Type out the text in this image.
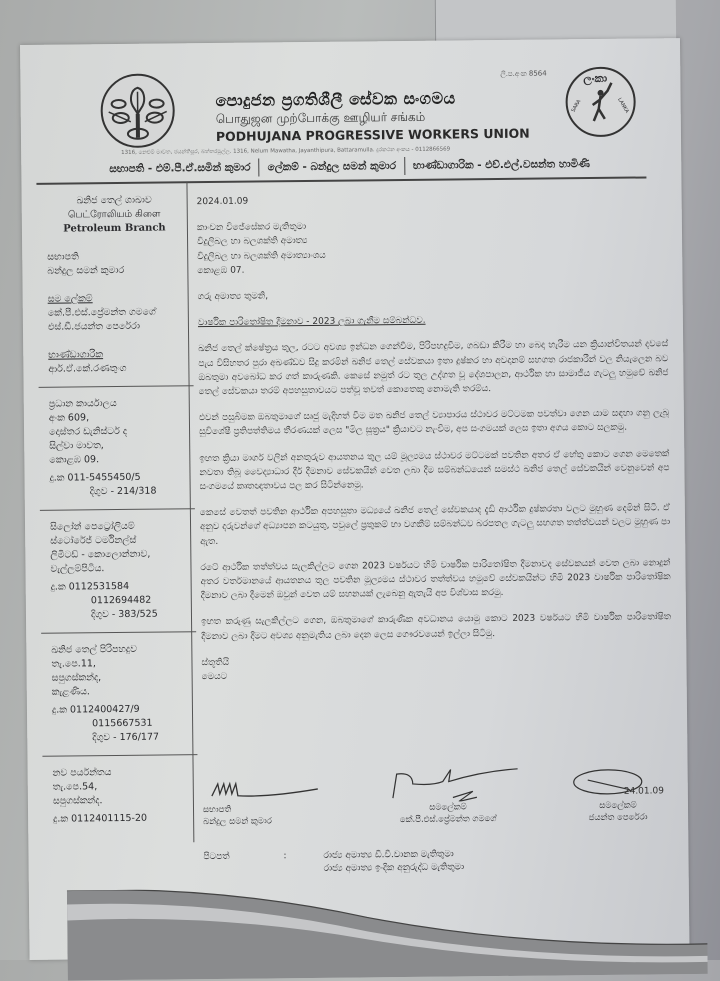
ලි.ප.අංක 8564
පොදුජන ප්‍රගතිශීලී සේවක සංගමය
பொதுஜன முற்போக்கு ஊழியர் சங்கம்
PODHUJANA PROGRESSIVE WORKERS UNION
ලංකා
SARA	LANKA
1316, නෙළුම් මාවත, ජයන්තිපුර, බත්තරමුල්ල. 1316, Nelum Mawatha, Jayanthipura, Battaramulla. දුරකථන අංකය - 0112866569
සභාපති - එම්.පී.ඒ.සමින් කුමාර ලේකම් - බන්දුල සමන් කුමාර භාණ්ඩාගාරික - එච්.එල්.වසන්ත හාමිණි
ඛනිජ තෙල් ශාඛාව
பெட்ரோலியம் கிளை
Petroleum Branch
සභාපති
බන්දුල සමන් කුමාර
සම ලේකම්
කේ.පී.එස්.ප්‍රේමන්ත ගමගේ
එස්.ඩී.ජයන්ත පෙරේරා
භාණ්ඩාගාරික
ආර්.ඒ.කේ.රණතුංග
ප්‍රධාන කාර්යාලය
අංක 609,
දොස්තර ඩැනිස්ටර් ද
සිල්වා මාවත,
කොළඹ 09.
දු.ක 011-5455450/5
දිගුව - 214/318
සිලෝන් පෙට්‍රෝලියම්
ස්ටෝරේජ් ටර්මිනල්ස්
ලිමිටඩ් - කොලොන්නාව,
වැල්ලම්පිටිය.
දු.ක 0112531584
0112694482
දිගුව - 383/525
ඛනිජ තෙල් පිරිපහදුව
තැ.පෙ.11,
සපුගස්කන්ද,
කැළණිය.
දු.ක 0112400427/9
0115667531
දිගුව - 176/177
නව පර්යන්තය
තැ.පෙ.54,
සපුගස්කන්ද.
දු.ක 0112401115-20
2024.01.09
කාංචන විජේසේකර මැතිතුමා
විදුලිබල හා බලශක්ති අමාත්‍ය
විදුලිබල හා බලශක්ති අමාත්‍යාංශය
කොළඹ 07.

ගරු අමාත්‍ය තුමනි,

වාර්ෂික පාරිතෝෂිත දීමනාව - 2023 ලබා ගැනීම සම්බන්ධව.

ඛනිජ තෙල් ක්ෂේත්‍රය තුල, රටට අවශ්‍ය ඉන්ධන ගෙන්වීම, පිරිපහදුවීම, ගබඩා කිරීම හා බෙදා හැරීම යන ක්‍රියාන්විතයන් දවසේ පැය විසිහතර පුරා අඛණ්ඩව සිදු කරමින් ඛනිජ තෙල් සේවකයා ඉතා දුෂ්කර හා අවදානම් සහගත රාජකාරීන් වල නියැලෙන බව ඔබතුමා අවබෝධ කර ගත් කාරුණකි. කෙසේ නමුත් රට තුල උද්ගත වූ දේශපාලන, ආර්ථික හා සාමාජීය ගැටලු හමුවේ ඛනිජ තෙල් සේවකයා තරම් අපහසුතාවයට පත්වූ තවත් කොතෙකු නොමැති තරම්ය.

එවන් පසුබිමක ඔබතුමාගේ සෘජු මැදිහත් වීම මත ඛනිජ තෙල් ව්‍යාපාරය ස්ථාවර මට්ටමක පවත්වා ගෙන යාම සඳහා ගනු ලැබූ සුවිශේෂී ප්‍රතිපත්තිමය තීරණයක් ලෙස "මිල සූත්‍රය" ක්‍රියාවට නැංවීම, අප සංගමයක් ලෙස ඉතා අගය කොට සලකමු.

ඉහත ක්‍රියා මාර්ග වලින් අනතුරුව ආයතනය තුල යම් මූල්‍යමය ස්ථාවර මට්ටමක් පවතින අතර ඒ හේතු කොට ගෙන මෙතෙක් නවතා තිබූ වෛද්‍යාධාර දීර් දීමනාව සේවකයින් වෙත ලබා දීම සම්බන්ධයෙන් සමස්ථ ඛනිජ තෙල් සේවකයින් වෙනුවෙන් අප සංගමයේ කෘතඥතාවය පල කර සිටින්නෙමු.

කෙසේ වෙතත් පවතින ආර්ථික අපහසුතා මධ්‍යයේ ඛනිජ තෙල් සේවකයාද දැඩි ආර්ථික දුෂ්කරතා වලට මුහුණ දෙමින් සිටී. ඒ අනුව දරුවන්ගේ අධ්‍යාපන කටයුතු, පවුලේ ප්‍රතුකම් හා වගකීම් සම්බන්ධව බරපතල ගැටලු සහගත තත්ත්වයන් වලට මුහුණ පා ඇත.

රටේ ආර්ථික තත්ත්වය සැලකිල්ලට ගෙන 2023 වර්ෂයට හිමි වාර්ෂික පාරිතෝෂිත දීමනාවද සේවකයන් වෙත ලබා නොදුන් අතර වර්තමානයේ ආයතනය තුල පවතින මූල්‍යමය ස්ථාවර තත්ත්වය හමුවේ සේවකයින්ට හිමි 2023 වාර්ෂික පාරිතෝෂික දීමනාව ලබා දීමෙන් ඔවුන් වෙත යම් සහනයක් ලැබෙනු ඇතැයි අප විශ්වාස කරමු.

ඉහත කරුණු සැලකිල්ලට ගෙන, ඔබතුමාගේ කාරුණික අවධානය යොමු කොට 2023 වර්ෂයට හිමි වාර්ෂික පාරිතෝෂිත දීමනාව ලබා දීමට අවශ්‍ය අනුමැතිය ලබා දෙන ලෙස ගෞරවයෙන් ඉල්ලා සිටිමු.

ස්තූතියි
මෙයට
සභාපති
බන්දුල සමන් කුමාර
සමලේකම්
කේ.පී.එස්.ප්‍රේමන්ත ගමගේ
24.01.09
සමලේකම්
ජයන්ත පෙරේරා
පිටපත්	:	රාජ්‍ය අමාත්‍ය ඩී.වී.චානක මැතිතුමා
රාජ්‍ය අමාත්‍ය ඉංදික අනුරුද්ධ මැතිතුමා
